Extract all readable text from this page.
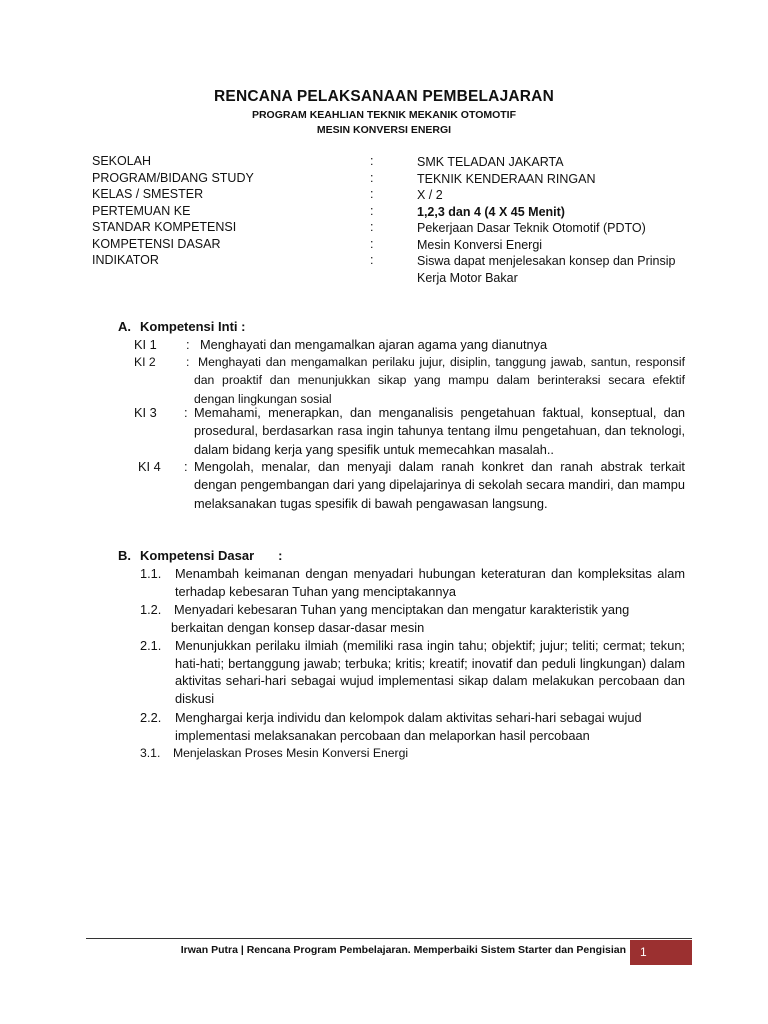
RENCANA PELAKSANAAN PEMBELAJARAN
PROGRAM KEAHLIAN TEKNIK MEKANIK OTOMOTIF
MESIN KONVERSI ENERGI
SEKOLAH	:	SMK TELADAN JAKARTA
PROGRAM/BIDANG STUDY	:	TEKNIK KENDERAAN RINGAN
KELAS / SMESTER	:	X / 2
PERTEMUAN KE	:	1,2,3 dan 4 (4 X 45 Menit)
STANDAR KOMPETENSI	:	Pekerjaan Dasar Teknik Otomotif (PDTO)
KOMPETENSI DASAR	:	Mesin Konversi Energi
INDIKATOR	:	Siswa dapat menjelesakan konsep dan Prinsip Kerja Motor Bakar
A. Kompetensi Inti :
KI 1 : Menghayati dan mengamalkan ajaran agama yang dianutnya
KI 2 : Menghayati dan mengamalkan perilaku jujur, disiplin, tanggung jawab, santun, responsif dan proaktif dan menunjukkan sikap yang mampu dalam berinteraksi secara efektif dengan lingkungan sosial
KI 3 : Memahami, menerapkan, dan menganalisis pengetahuan faktual, konseptual, dan prosedural, berdasarkan rasa ingin tahunya tentang ilmu pengetahuan, dan teknologi, dalam bidang kerja yang spesifik untuk memecahkan masalah..
KI 4 : Mengolah, menalar, dan menyaji dalam ranah konkret dan ranah abstrak terkait dengan pengembangan dari yang dipelajarinya di sekolah secara mandiri, dan mampu melaksanakan tugas spesifik di bawah pengawasan langsung.
B. Kompetensi Dasar :
1.1. Menambah keimanan dengan menyadari hubungan keteraturan dan kompleksitas alam terhadap kebesaran Tuhan yang menciptakannya
1.2. Menyadari kebesaran Tuhan yang menciptakan dan mengatur karakteristik yang berkaitan dengan konsep dasar-dasar mesin
2.1. Menunjukkan perilaku ilmiah (memiliki rasa ingin tahu; objektif; jujur; teliti; cermat; tekun; hati-hati; bertanggung jawab; terbuka; kritis; kreatif; inovatif dan peduli lingkungan) dalam aktivitas sehari-hari sebagai wujud implementasi sikap dalam melakukan percobaan dan diskusi
2.2. Menghargai kerja individu dan kelompok dalam aktivitas sehari-hari sebagai wujud implementasi melaksanakan percobaan dan melaporkan hasil percobaan
3.1. Menjelaskan Proses Mesin Konversi Energi
Irwan Putra | Rencana Program Pembelajaran. Memperbaiki Sistem Starter dan Pengisian	1
